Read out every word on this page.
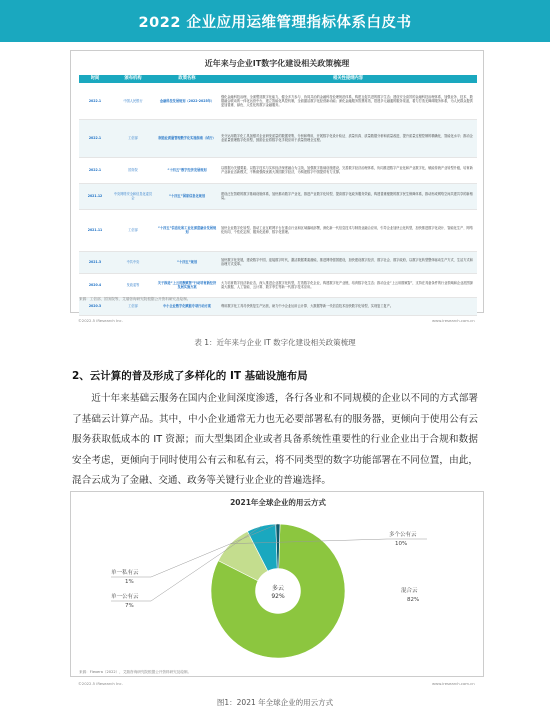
2022 企业应用运维管理指标体系白皮书
近年来与企业IT数字化建设相关政策梳理
时间	颁布机构	政策名称	相关性提纲内容
2022.1	中国人民银行	金融科技发展规划（2022-2025年）	强化金融科技治理，全面塑造数字化能力，健全多方参与、协同共治的金融科技伦理规范体系，构建互促共进的数字生态；建设安全高效的金融科技治理体系，加强业务、技术、数据融合联动的一体化运营中台，建立智能化风控机制，全面激活数字化经营新动能；深化金融服务智慧再造，搭建多元融通的服务渠道，着力打造无障碍服务体系，为人民群众提供更加普惠、绿色、人性化的数字金融服务。
2022.1	工信部	制造业质量管理数字化实施指南（试行）	充分运用数字化工具加强对企业研发质量的数据采集、分析和利用，开展数字化设计验证、质量仿真、质量数据分析和质量改进，提升质量过程控制的精确化、智能化水平；推动企业质量管理数字化转型，鼓励企业将数字化手段应用于质量管理全过程。
2022.1	国务院	“十四五”数字经济发展规划	以数据为关键要素，以数字技术与实体经济深度融合为主线，加强数字基础设施建设，完善数字经济治理体系，协同推进数字产业化和产业数字化，赋能传统产业转型升级，培育新产业新业态新模式，不断做强做优做大我国数字经济，为构建数字中国提供有力支撑。
2021.12	中央网络安全和信息化委员会	“十四五”国家信息化规划	建设泛在智联的数字基础设施体系，加快推动数字产业化，推进产业数字化转型，提高数字化政务服务效能，构建普惠便捷的数字民生保障体系，推动形成网络空间共建共享的新格局。
2021.11	工信部	“十四五”信息化和工业化深度融合发展规划	加快企业数字化转型，推动工业互联网平台在重点行业和区域落地部署，深化新一代信息技术与制造业融合应用，引导企业加快云化转型，加快推进数字化设计、智能化生产、网络化协同、个性化定制、服务化延伸、数字化管理。
2021.3	中共中央	“十四五”规划	加快数字化发展，建设数字中国，迎接数字时代，激活数据要素潜能，推进网络强国建设，加快建设数字经济、数字社会、数字政府，以数字化转型整体驱动生产方式、生活方式和治理方式变革。
2020.4	发改委等	关于推进“上云用数赋智”行动培育新经济发展实施方案	大力培育数字经济新业态，深入推进企业数字化转型，打造数字化企业，构建数字化产业链，培育数字化生态；推动企业“上云用数赋智”，支持在具备条件的行业领域和企业范围探索大数据、人工智能、云计算、数字孪生等新一代数字技术应用。
2020.3	工信部	中小企业数字化赋能专项行动方案	利用数字化工具尽快恢复生产运营，助力中小企业运用云计算、大数据等新一代信息技术加快数字化转型，实现复工复产。
来源：工信部，国务院等，艾瑞咨询研究院根据公开资料研究及绘制。
©2022.5 iResearch Inc.	www.iresearch.com.cn
表 1：近年来与企业 IT 数字化建设相关政策梳理
2、云计算的普及形成了多样化的 IT 基础设施布局
近十年来基础云服务在国内企业间深度渗透，各行各业和不同规模的企业以不同的方式部署了基础云计算产品。其中，中小企业通常无力也无必要部署私有的服务器，更倾向于使用公有云服务获取低成本的 IT 资源；而大型集团企业或者具备系统性重要性的行业企业出于合规和数据安全考虑，更倾向于同时使用公有云和私有云，将不同类型的数字功能部署在不同位置，由此，混合云成为了金融、交通、政务等关键行业企业的普遍选择。
2021年全球企业的用云方式
多云
92%
单一私有云
1%
单一公有云
7%
多个公有云
10%
混合云
82%
来源：Flexera（2022），艾瑞咨询研究院根据公开资料研究及绘制。
©2022.5 iResearch Inc.	www.iresearch.com.cn
图1：2021 年全球企业的用云方式
